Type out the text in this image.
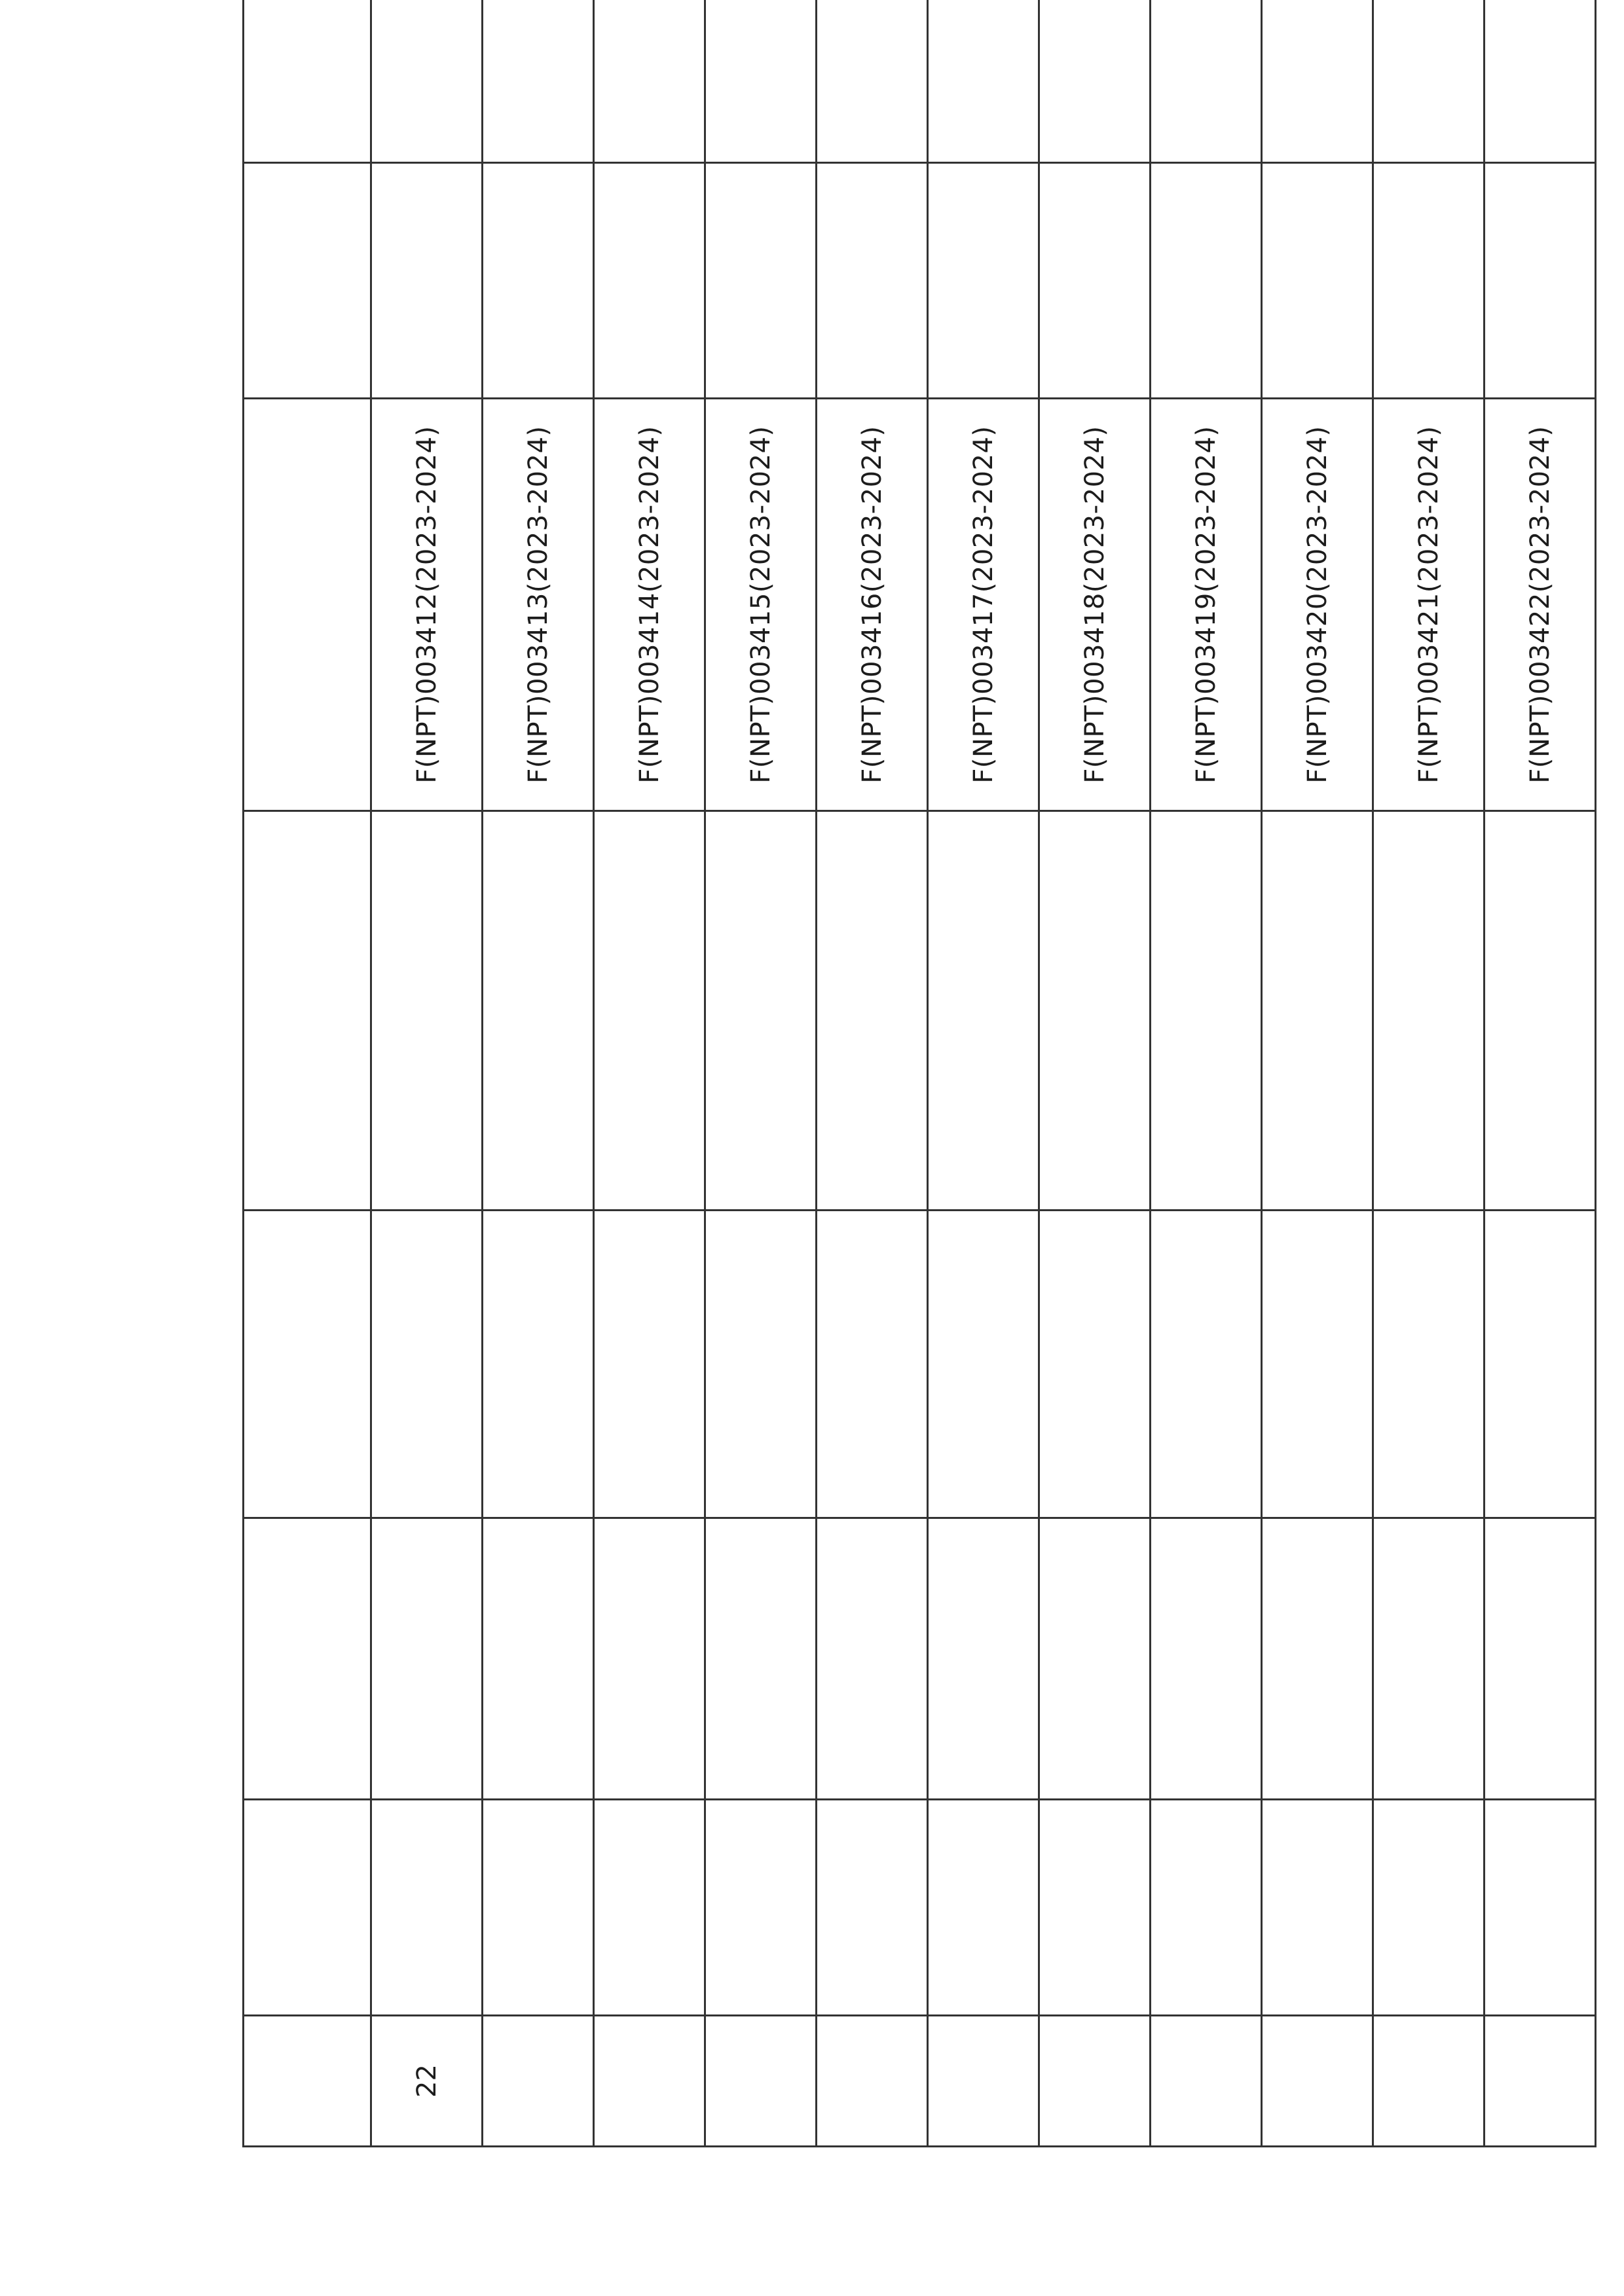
22					F(NPT)003412(2023-2024)			
					F(NPT)003413(2023-2024)			
					F(NPT)003414(2023-2024)			
					F(NPT)003415(2023-2024)			
					F(NPT)003416(2023-2024)			
					F(NPT)003417(2023-2024)			
					F(NPT)003418(2023-2024)			
					F(NPT)003419(2023-2024)			
					F(NPT)003420(2023-2024)			
					F(NPT)003421(2023-2024)			
					F(NPT)003422(2023-2024)			
